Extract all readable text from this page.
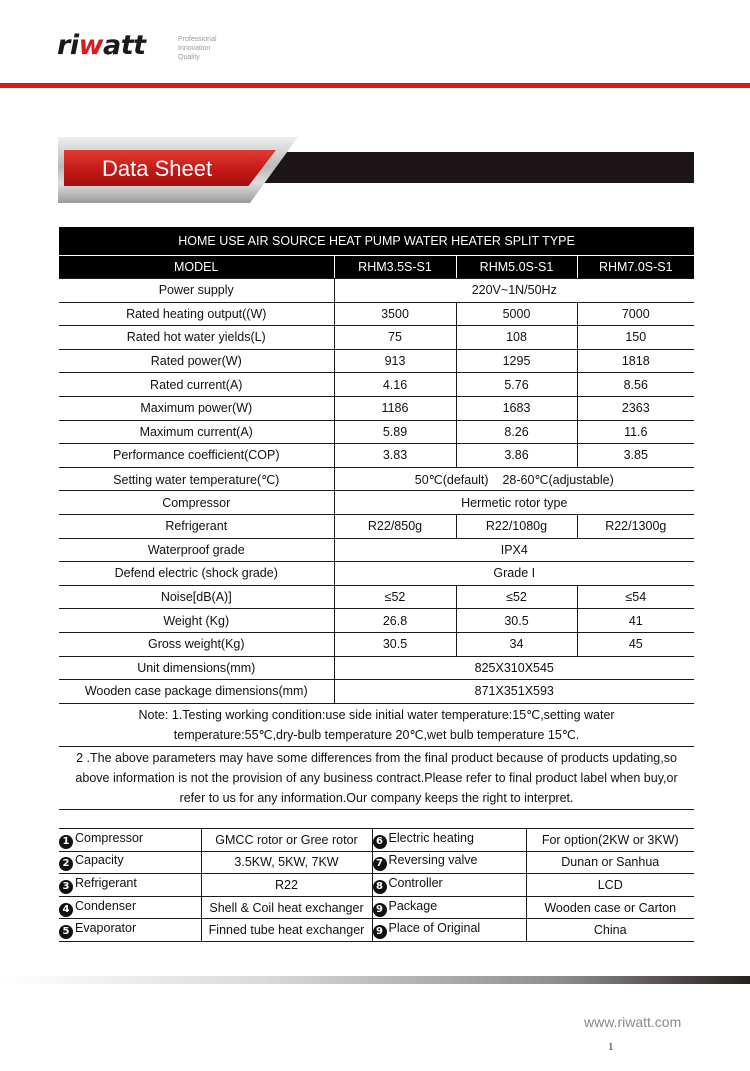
riwatt	Professional
Innovation
Quality
Data Sheet
HOME USE AIR SOURCE HEAT PUMP WATER HEATER SPLIT TYPE			
MODEL	RHM3.5S-S1	RHM5.0S-S1	RHM7.0S-S1
Power supply	220V~1N/50Hz		
Rated heating output((W)	3500	5000	7000
Rated hot water yields(L)	75	108	150
Rated power(W)	913	1295	1818
Rated current(A)	4.16	5.76	8.56
Maximum power(W)	1186	1683	2363
Maximum current(A)	5.89	8.26	11.6
Performance coefficient(COP)	3.83	3.86	3.85
Setting water temperature(℃)	50℃(default)    28-60℃(adjustable)		
Compressor	Hermetic rotor type		
Refrigerant	R22/850g	R22/1080g	R22/1300g
Waterproof grade	IPX4		
Defend electric (shock grade)	Grade I		
Noise[dB(A)]	≤52	≤52	≤54
Weight (Kg)	26.8	30.5	41
Gross weight(Kg)	30.5	34	45
Unit dimensions(mm)	825X310X545		
Wooden case package dimensions(mm)	871X351X593		

Note: 1.Testing working condition:use side initial water temperature:15℃,setting water

temperature:55℃,dry-bulb temperature 20℃,wet bulb temperature 15℃.			

2 .The above parameters may have some differences from the final product because of products updating,so

above information is not the provision of any business contract.Please refer to final product label when buy,or

refer to us for any information.Our company keeps the right to interpret.			

1 Compressor	GMCC rotor or Gree rotor	6 Electric heating	For option(2KW or 3KW)
2 Capacity	3.5KW, 5KW, 7KW	7 Reversing valve	Dunan or Sanhua
3 Refrigerant	R22	8 Controller	LCD
4 Condenser	Shell & Coil heat exchanger	9 Package	Wooden case or Carton
5 Evaporator	Finned tube heat exchanger	9 Place of Original	China
www.riwatt.com
1
